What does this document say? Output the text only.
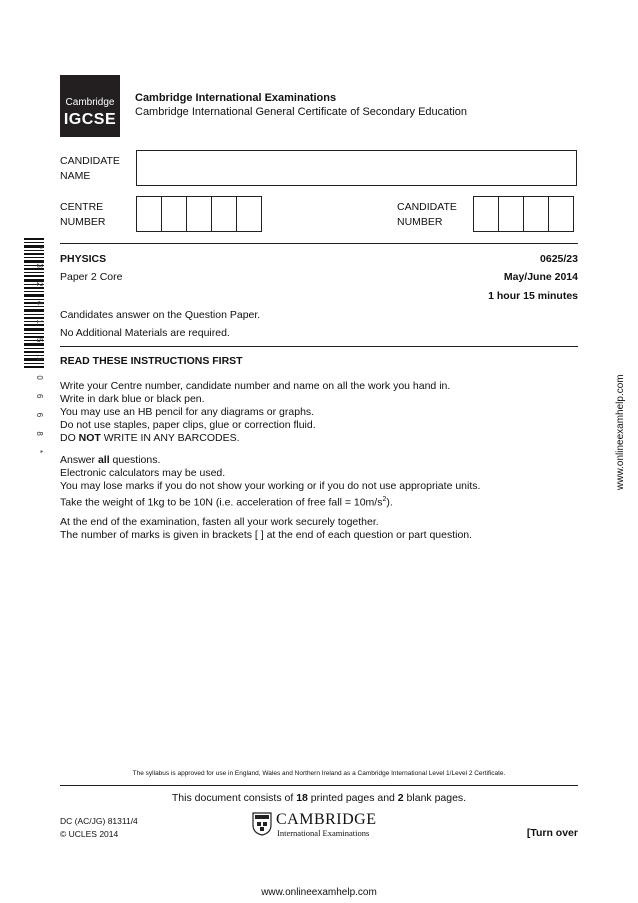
Cambridge
IGCSE
Cambridge International Examinations
Cambridge International General Certificate of Secondary Education
CANDIDATE
NAME
CENTRE
NUMBER
CANDIDATE
NUMBER
* 3 2 4 1 5 1 0 6 6 8 * PHYSICS	0625/23
Paper 2 Core	May/June 2014
1 hour 15 minutes
Candidates answer on the Question Paper.
No Additional Materials are required.
READ THESE INSTRUCTIONS FIRST
Write your Centre number, candidate number and name on all the work you hand in.
Write in dark blue or black pen.
You may use an HB pencil for any diagrams or graphs.
Do not use staples, paper clips, glue or correction fluid.
DO NOT WRITE IN ANY BARCODES.
Answer all questions.
Electronic calculators may be used.
You may lose marks if you do not show your working or if you do not use appropriate units.
Take the weight of 1kg to be 10N (i.e. acceleration of free fall = $10m/s^2$).
At the end of the examination, fasten all your work securely together.
The number of marks is given in brackets [ ] at the end of each question or part question.
www.onlineexamhelp.com
The syllabus is approved for use in England, Wales and Northern Ireland as a Cambridge International Level 1/Level 2 Certificate.
This document consists of 18 printed pages and 2 blank pages.
DC (AC/JG) 81311/4
© UCLES 2014
CAMBRIDGE
International Examinations	[Turn over
www.onlineexamhelp.com
